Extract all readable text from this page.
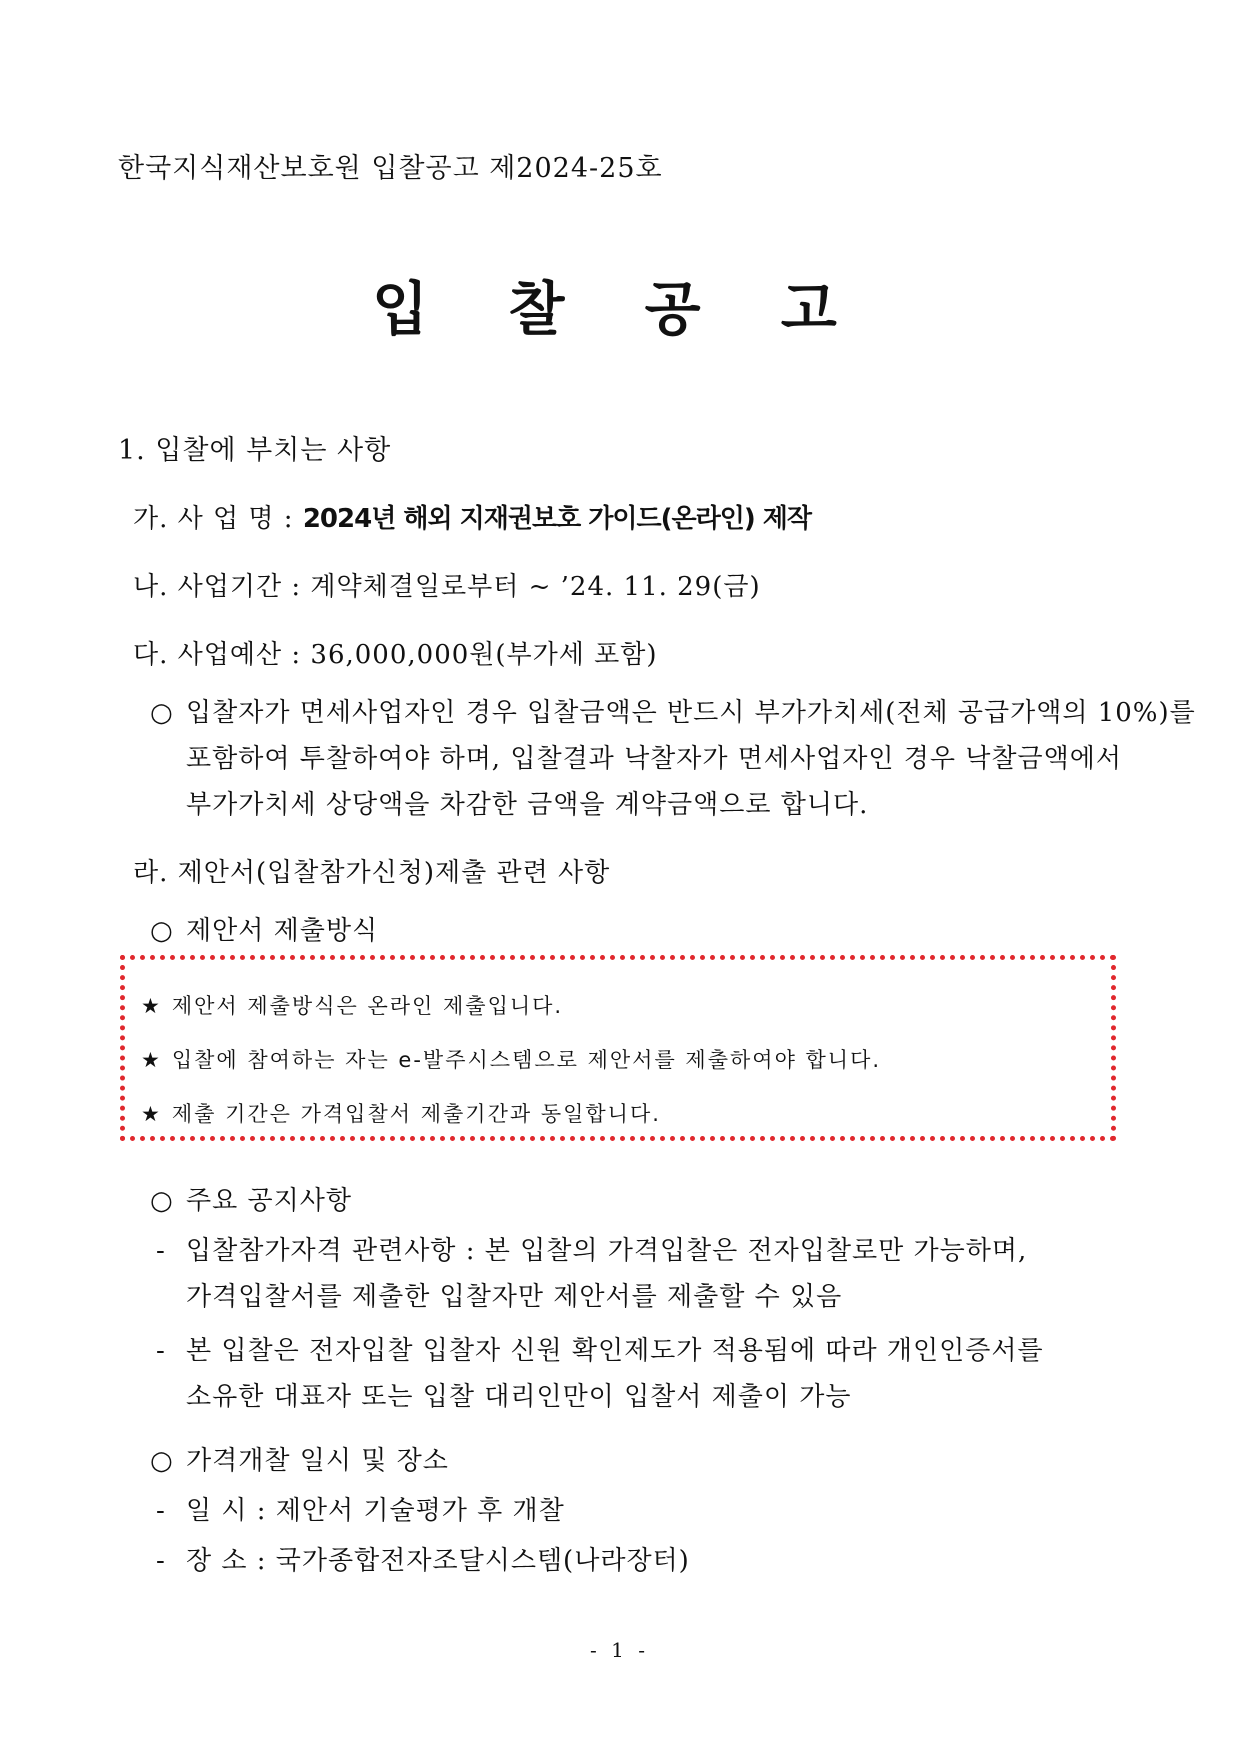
한국지식재산보호원 입찰공고 제2024-25호
입 찰 공 고
1. 입찰에 부치는 사항
가. 사 업 명 : 2024년 해외 지재권보호 가이드(온라인) 제작
나. 사업기간 : 계약체결일로부터 ~ ’24. 11. 29(금)
다. 사업예산 : 36,000,000원(부가세 포함)
○ 입찰자가 면세사업자인 경우 입찰금액은 반드시 부가가치세(전체 공급가액의 10%)를
포함하여 투찰하여야 하며, 입찰결과 낙찰자가 면세사업자인 경우 낙찰금액에서
부가가치세 상당액을 차감한 금액을 계약금액으로 합니다.
라. 제안서(입찰참가신청)제출 관련 사항
○ 제안서 제출방식
★ 제안서 제출방식은 온라인 제출입니다.
★ 입찰에 참여하는 자는 e-발주시스템으로 제안서를 제출하여야 합니다.
★ 제출 기간은 가격입찰서 제출기간과 동일합니다.
○ 주요 공지사항
- 입찰참가자격 관련사항 : 본 입찰의 가격입찰은 전자입찰로만 가능하며,
가격입찰서를 제출한 입찰자만 제안서를 제출할 수 있음
- 본 입찰은 전자입찰 입찰자 신원 확인제도가 적용됨에 따라 개인인증서를
소유한 대표자 또는 입찰 대리인만이 입찰서 제출이 가능
○ 가격개찰 일시 및 장소
- 일 시 : 제안서 기술평가 후 개찰
- 장 소 : 국가종합전자조달시스템(나라장터)
- 1 -
